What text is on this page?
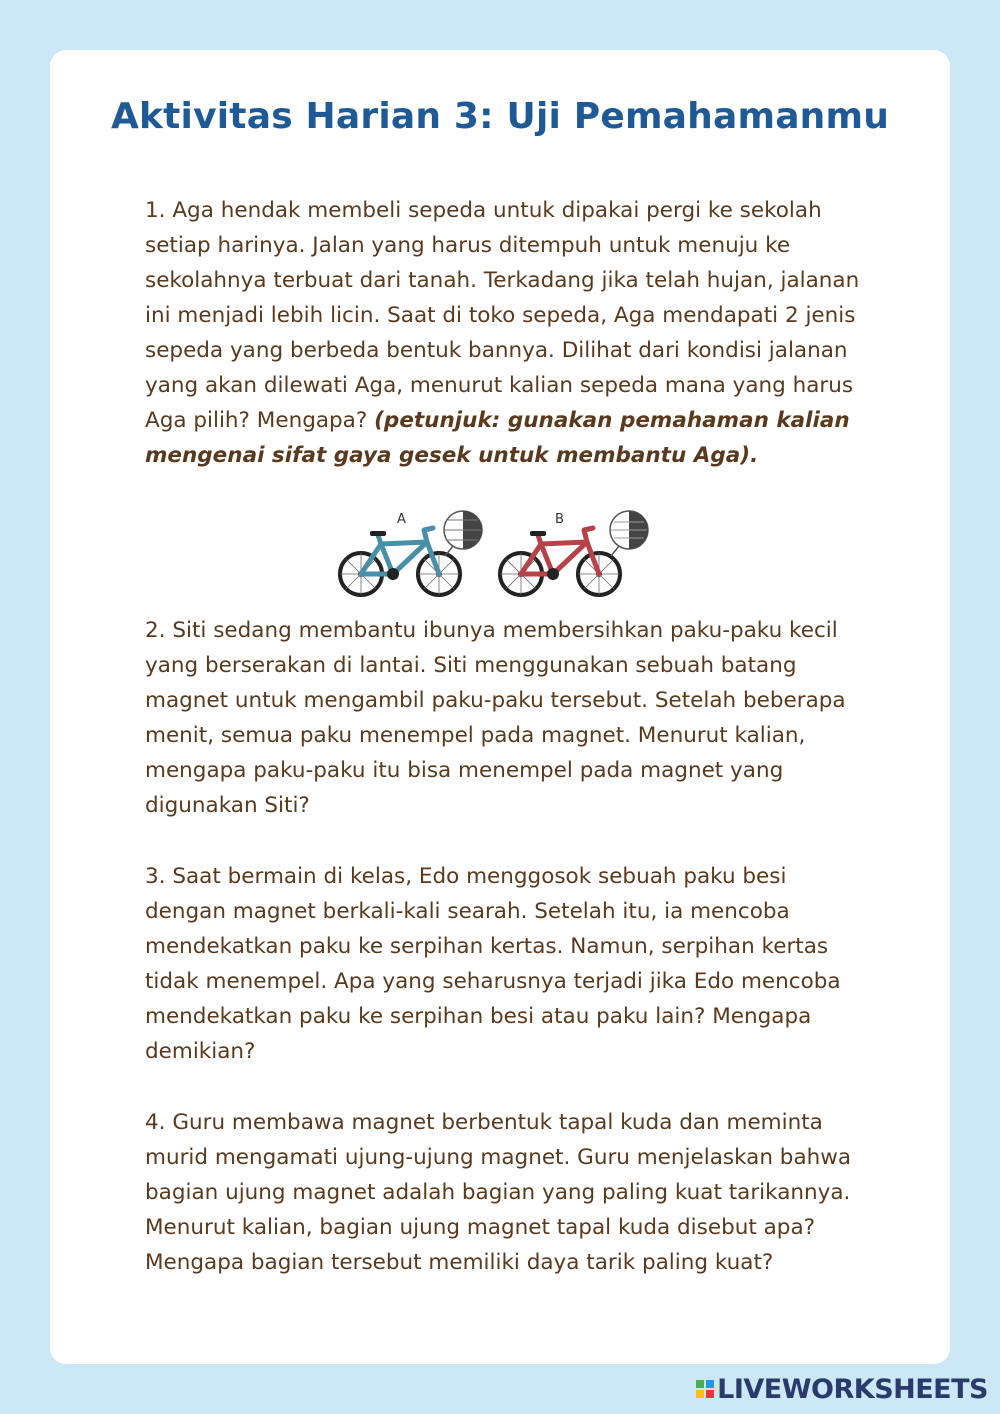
Aktivitas Harian 3: Uji Pemahamanmu

1. Aga hendak membeli sepeda untuk dipakai pergi ke sekolah setiap harinya. Jalan yang harus ditempuh untuk menuju ke sekolahnya terbuat dari tanah. Terkadang jika telah hujan, jalanan ini menjadi lebih licin. Saat di toko sepeda, Aga mendapati 2 jenis sepeda yang berbeda bentuk bannya. Dilihat dari kondisi jalanan yang akan dilewati Aga, menurut kalian sepeda mana yang harus Aga pilih? Mengapa? (petunjuk: gunakan pemahaman kalian mengenai sifat gaya gesek untuk membantu Aga).

A	B

2. Siti sedang membantu ibunya membersihkan paku-paku kecil yang berserakan di lantai. Siti menggunakan sebuah batang magnet untuk mengambil paku-paku tersebut. Setelah beberapa menit, semua paku menempel pada magnet. Menurut kalian, mengapa paku-paku itu bisa menempel pada magnet yang digunakan Siti?

3. Saat bermain di kelas, Edo menggosok sebuah paku besi dengan magnet berkali-kali searah. Setelah itu, ia mencoba mendekatkan paku ke serpihan kertas. Namun, serpihan kertas tidak menempel. Apa yang seharusnya terjadi jika Edo mencoba mendekatkan paku ke serpihan besi atau paku lain? Mengapa demikian?

4. Guru membawa magnet berbentuk tapal kuda dan meminta murid mengamati ujung-ujung magnet. Guru menjelaskan bahwa bagian ujung magnet adalah bagian yang paling kuat tarikannya. Menurut kalian, bagian ujung magnet tapal kuda disebut apa? Mengapa bagian tersebut memiliki daya tarik paling kuat?

LIVEWORKSHEETS
